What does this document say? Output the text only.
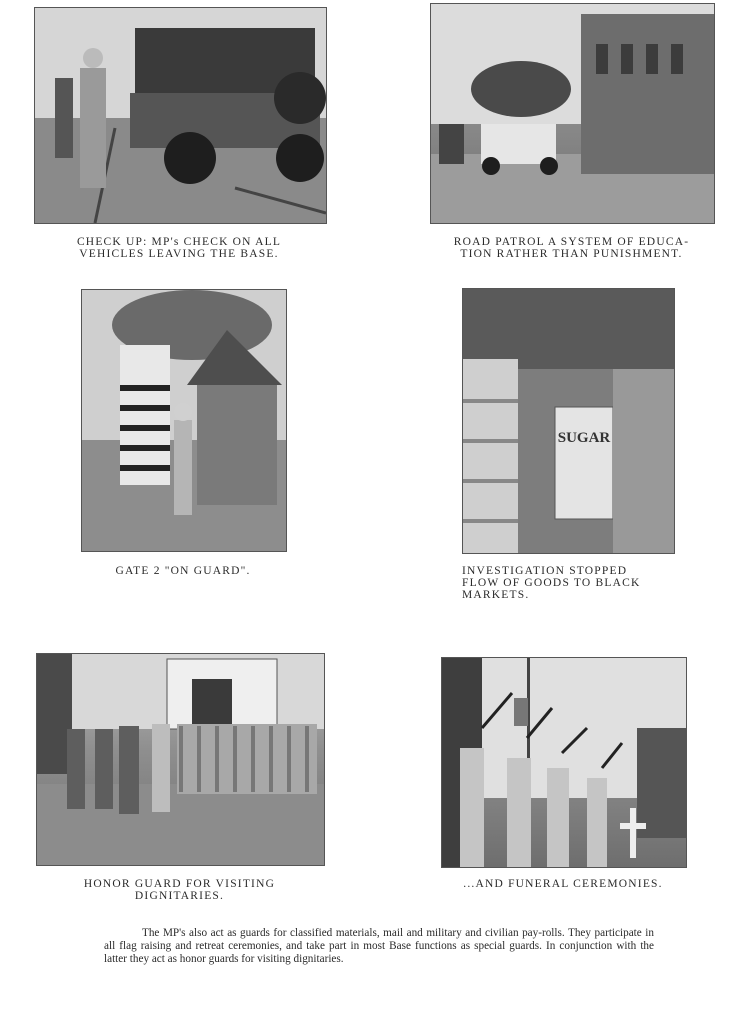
CHECK UP: MP's CHECK ON ALL
VEHICLES LEAVING THE BASE.

ROAD PATROL A SYSTEM OF EDUCA-
TION RATHER THAN PUNISHMENT.

GATE 2 "ON GUARD".

SUGAR

INVESTIGATION STOPPED
FLOW OF GOODS TO BLACK
MARKETS.

HONOR GUARD FOR VISITING
DIGNITARIES.

...AND FUNERAL CEREMONIES.

The MP's also act as guards for classified materials, mail and military and civilian pay-rolls. They participate in all flag raising and retreat ceremonies, and take part in most Base functions as special guards. In conjunction with the latter they act as honor guards for visiting dignitaries.
